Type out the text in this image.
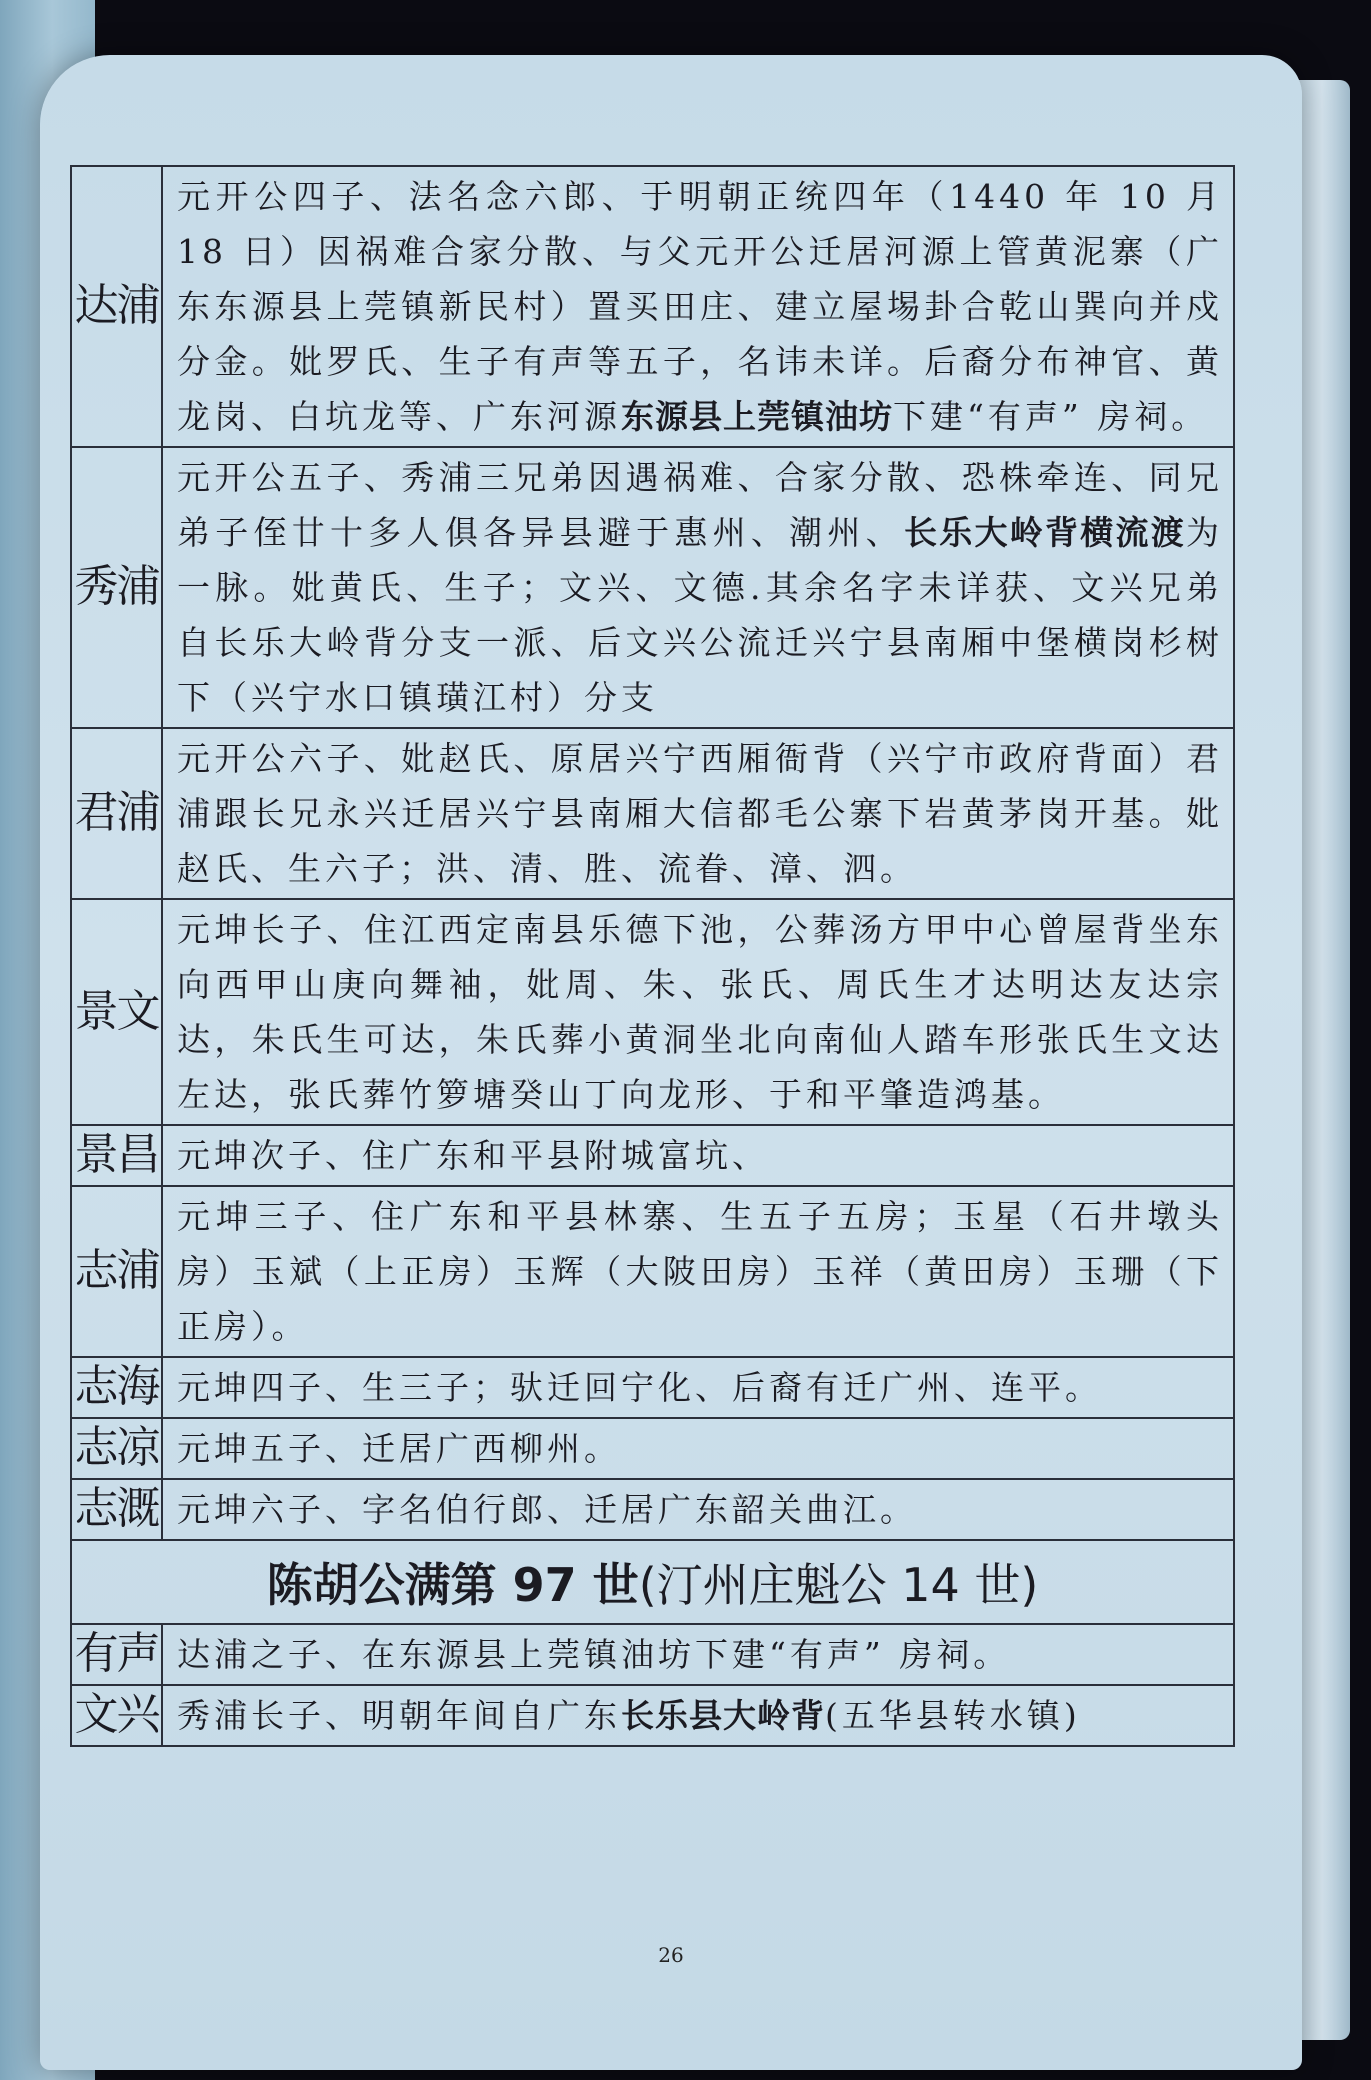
26
达浦	元开公四子、法名念六郎、于明朝正统四年（1440 年 10 月 18 日）因祸难合家分散、与父元开公迁居河源上管黄泥寨（广东东源县上莞镇新民村）置买田庄、建立屋埸卦合乾山巽向并戍分金。妣罗氏、生子有声等五子，名讳未详。后裔分布神官、黄龙岗、白坑龙等、广东河源东源县上莞镇油坊下建“有声” 房祠。
秀浦	元开公五子、秀浦三兄弟因遇祸难、合家分散、恐株牵连、同兄弟子侄廿十多人俱各异县避于惠州、潮州、长乐大岭背横流渡为一脉。妣黄氏、生子；文兴、文德.其余名字未详获、文兴兄弟自长乐大岭背分支一派、后文兴公流迁兴宁县南厢中堡横岗杉树下（兴宁水口镇璜江村）分支
君浦	元开公六子、妣赵氏、原居兴宁西厢衙背（兴宁市政府背面）君浦跟长兄永兴迁居兴宁县南厢大信都毛公寨下岩黄茅岗开基。妣赵氏、生六子；洪、清、胜、流眷、漳、泗。
景文	元坤长子、住江西定南县乐德下池，公葬汤方甲中心曾屋背坐东向西甲山庚向舞袖，妣周、朱、张氏、周氏生才达明达友达宗达，朱氏生可达，朱氏葬小黄洞坐北向南仙人踏车形张氏生文达左达，张氏葬竹箩塘癸山丁向龙形、于和平肇造鸿基。
景昌	元坤次子、住广东和平县附城富坑、
志浦	元坤三子、住广东和平县林寨、生五子五房；玉星（石井墩头房）玉斌（上正房）玉辉（大陂田房）玉祥（黄田房）玉珊（下正房）。
志海	元坤四子、生三子；驮迁回宁化、后裔有迁广州、连平。
志凉	元坤五子、迁居广西柳州。
志溉	元坤六子、字名伯行郎、迁居广东韶关曲江。
陈胡公满第 97 世(汀州庄魁公 14 世)	
有声	达浦之子、在东源县上莞镇油坊下建“有声” 房祠。
文兴	秀浦长子、明朝年间自广东长乐县大岭背(五华县转水镇)
